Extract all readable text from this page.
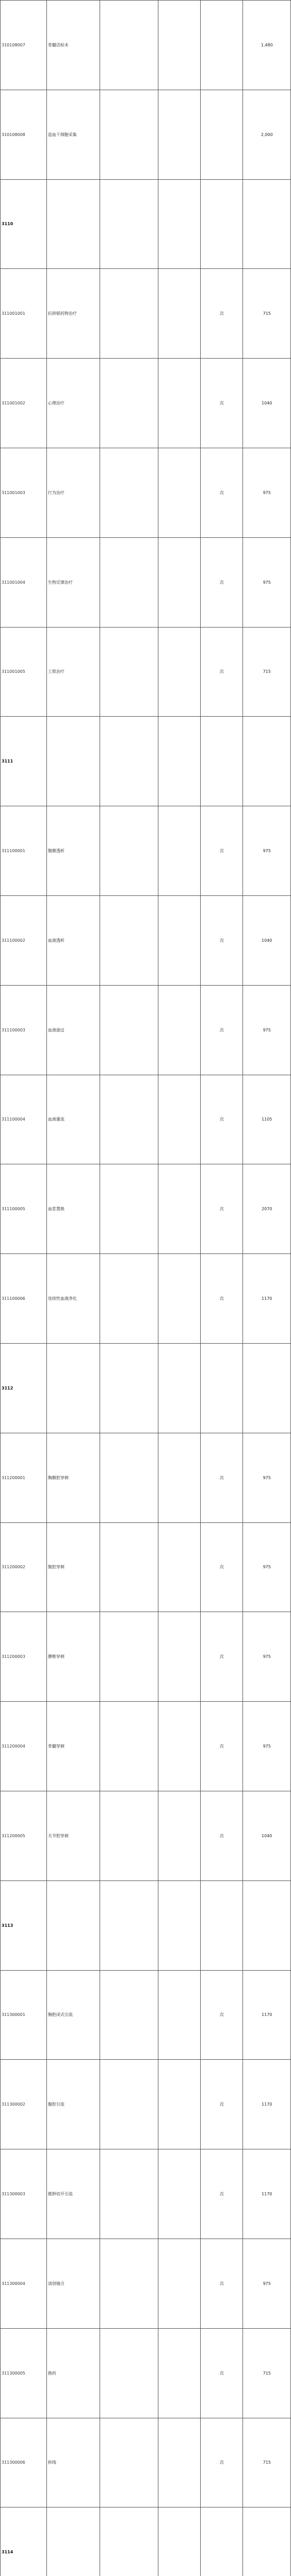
310108007	骨髓活检术				1,480
310108008	造血干细胞采集				2,000
3110					
311001001	抗抑郁药物治疗			次	715
311001002	心理治疗			次	1040
311001003	行为治疗			次	975
311001004	生物反馈治疗			次	975
311001005	工娱治疗			次	715
3111					
311100001	腹膜透析			次	975
311100002	血液透析			次	1040
311100003	血液滤过			次	975
311100004	血液灌流			次	1105
311100005	血浆置换			次	2070
311100006	连续性血液净化			次	1170
3112					
311200001	胸膜腔穿刺			次	975
311200002	腹腔穿刺			次	975
311200003	腰椎穿刺			次	975
311200004	骨髓穿刺			次	975
311200005	关节腔穿刺			次	1040
3113					
311300001	胸腔闭式引流			次	1170
311300002	腹腔引流			次	1170
311300003	脓肿切开引流			次	1170
311300004	清创缝合			次	975
311300005	换药			次	715
311300006	拆线			次	715
3114					
